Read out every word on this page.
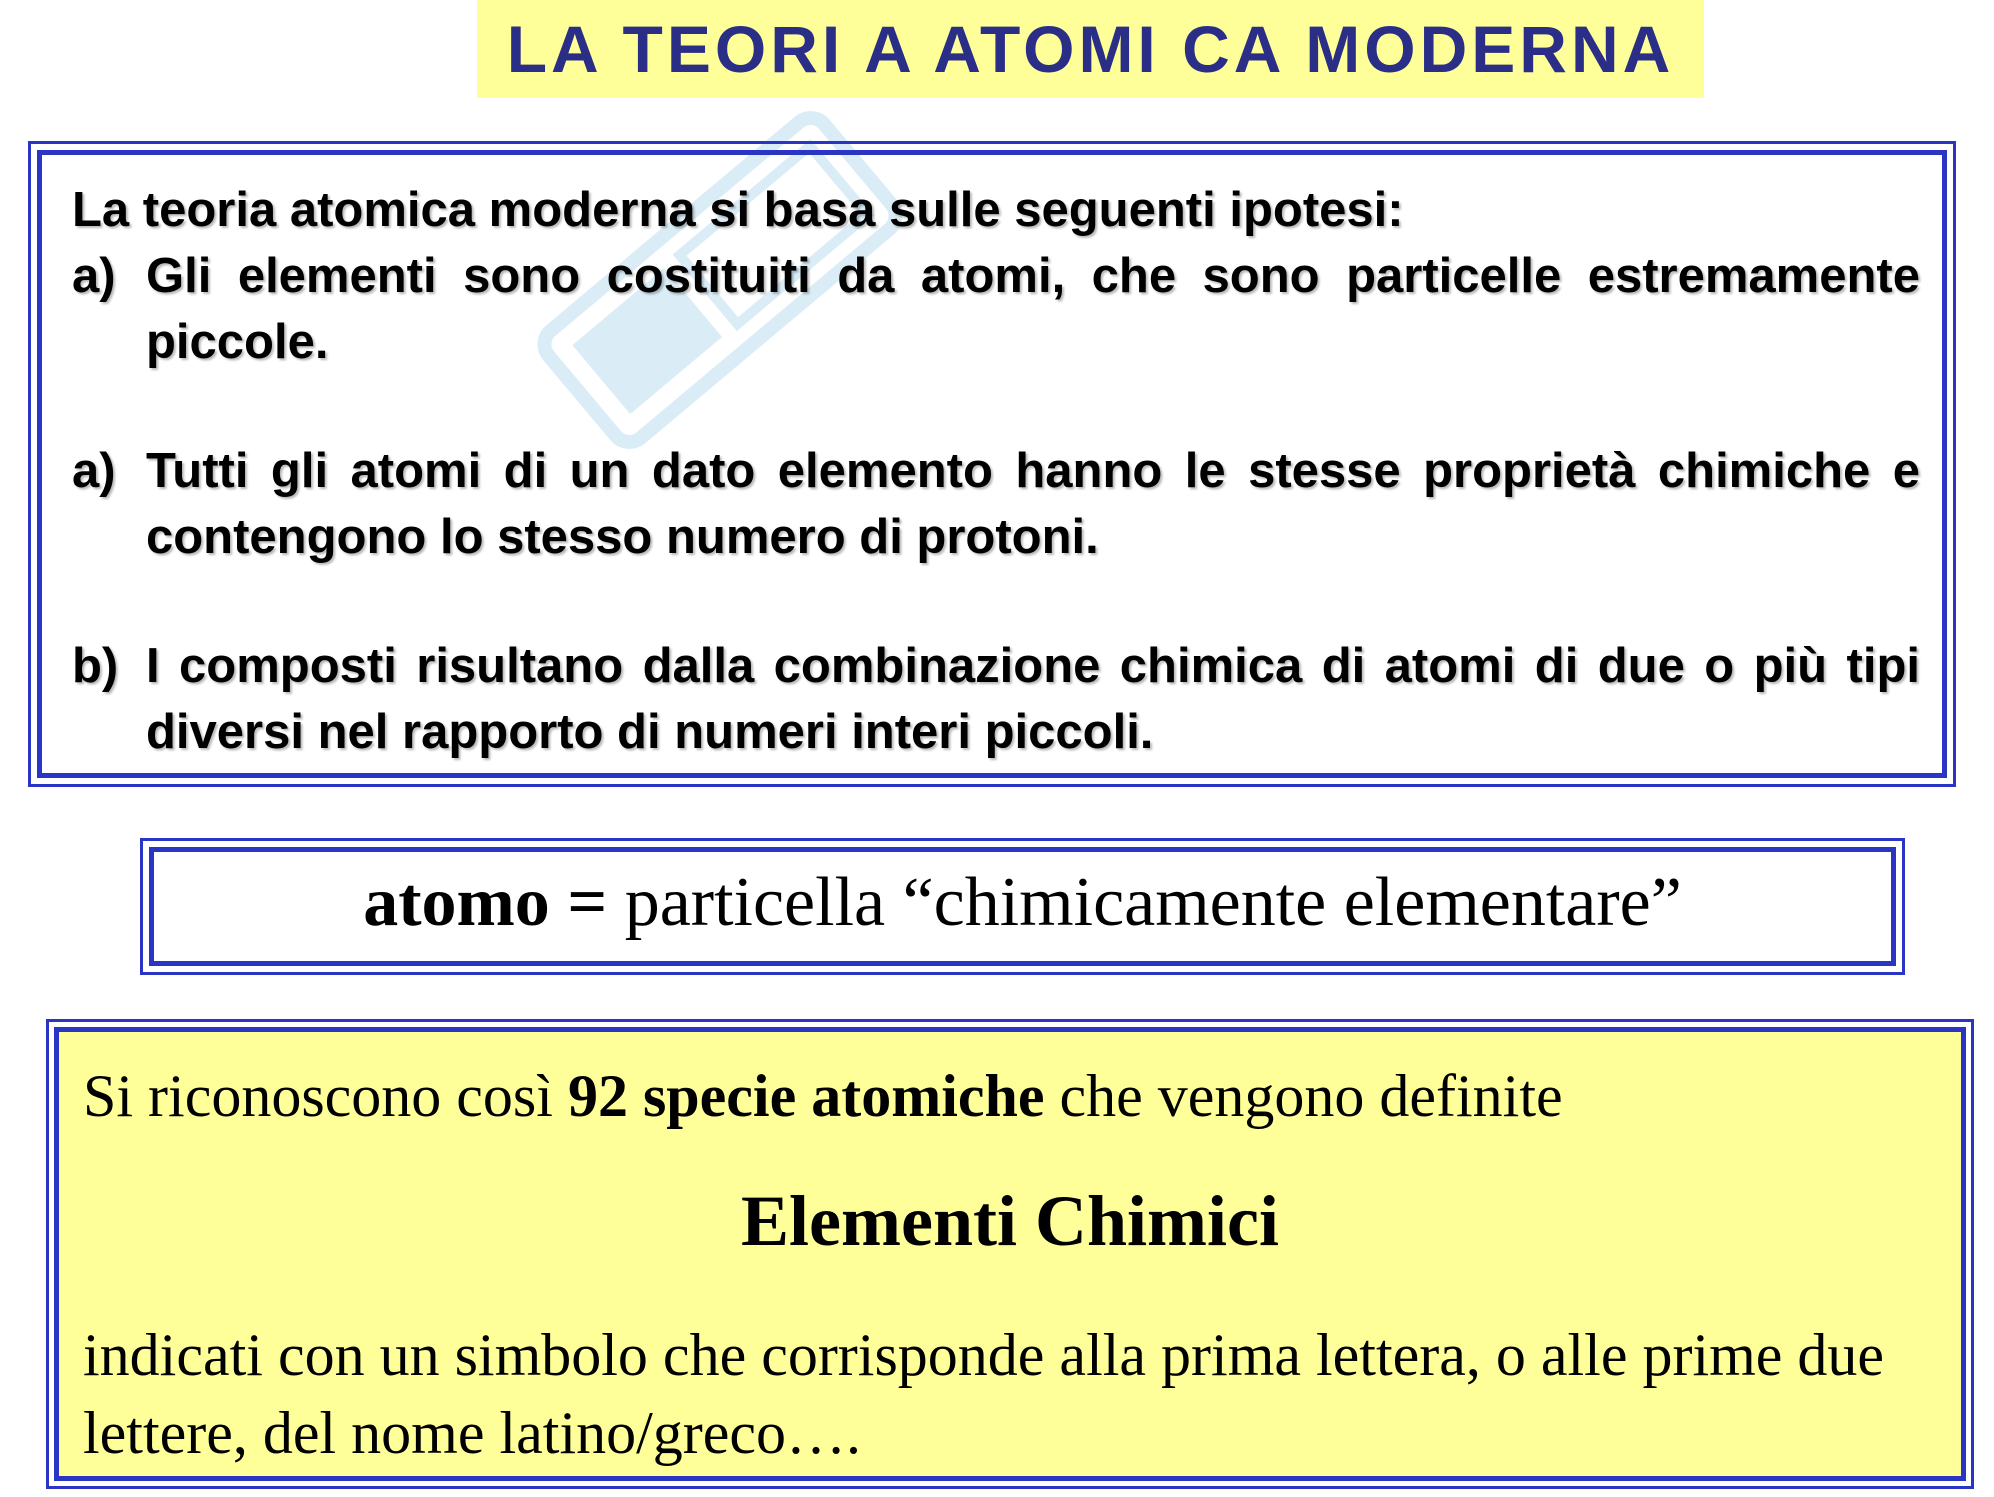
LA TEORI A ATOMI CA MODERNA

La teoria atomica moderna si basa sulle seguenti ipotesi:

a) Gli elementi sono costituiti da atomi, che sono particelle estremamente piccole.
a) Tutti gli atomi di un dato elemento hanno le stesse proprietà chimiche e contengono lo stesso numero di protoni.
b) I composti risultano dalla combinazione chimica di atomi di due o più tipi diversi nel rapporto di numeri interi piccoli.
atomo = particella “chimicamente elementare”
Si riconoscono così 92 specie atomiche che vengono definite
Elementi Chimici
indicati con un simbolo che corrisponde alla prima lettera, o alle prime due lettere, del nome latino/greco….
